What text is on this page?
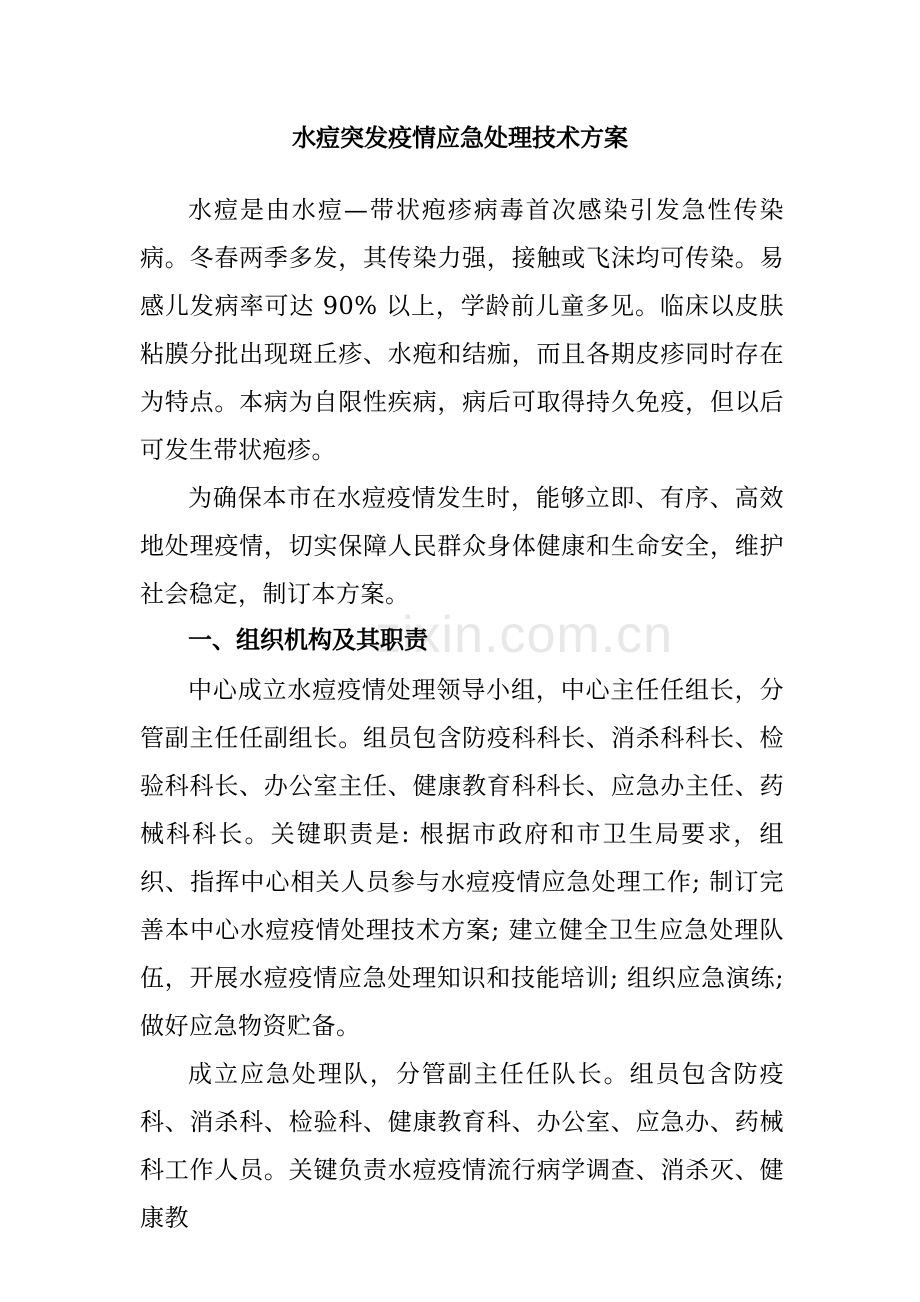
zixin.com.cn
水痘突发疫情应急处理技术方案

水痘是由水痘—带状疱疹病毒首次感染引发急性传染病。冬春两季多发，其传染力强，接触或飞沫均可传染。易感儿发病率可达 90% 以上，学龄前儿童多见。临床以皮肤粘膜分批出现斑丘疹、水疱和结痂，而且各期皮疹同时存在为特点。本病为自限性疾病，病后可取得持久免疫，但以后可发生带状疱疹。

为确保本市在水痘疫情发生时，能够立即、有序、高效地处理疫情，切实保障人民群众身体健康和生命安全，维护社会稳定，制订本方案。

一、组织机构及其职责

中心成立水痘疫情处理领导小组，中心主任任组长，分管副主任任副组长。组员包含防疫科科长、消杀科科长、检验科科长、办公室主任、健康教育科科长、应急办主任、药械科科长。关键职责是: 根据市政府和市卫生局要求，组织、指挥中心相关人员参与水痘疫情应急处理工作; 制订完善本中心水痘疫情处理技术方案; 建立健全卫生应急处理队伍，开展水痘疫情应急处理知识和技能培训; 组织应急演练; 做好应急物资贮备。

成立应急处理队，分管副主任任队长。组员包含防疫科、消杀科、检验科、健康教育科、办公室、应急办、药械科工作人员。关键负责水痘疫情流行病学调查、消杀灭、健康教
